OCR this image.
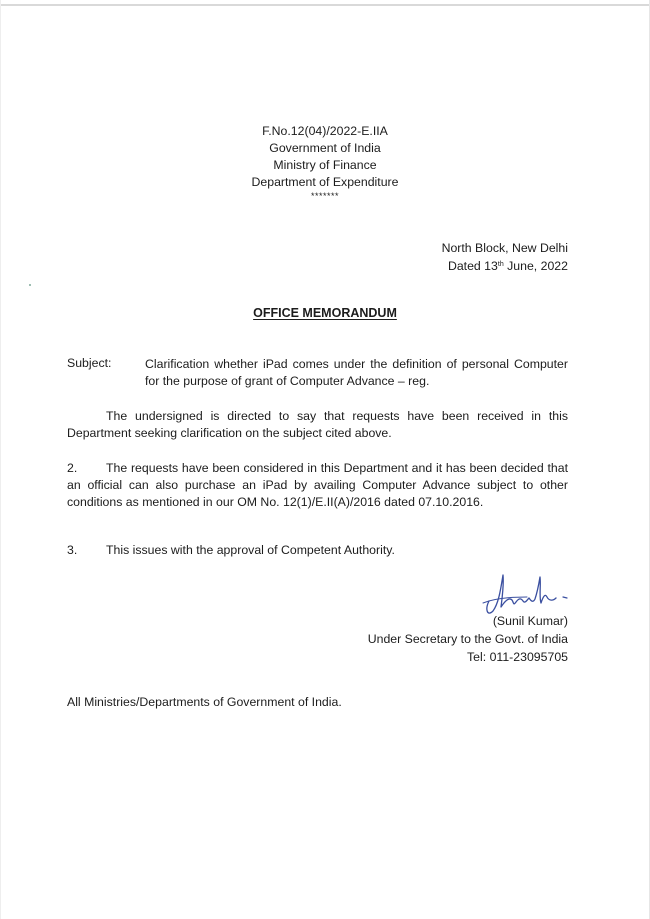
F.No.12(04)/2022-E.IIA
Government of India
Ministry of Finance
Department of Expenditure
*******
North Block, New Delhi
Dated 13th June, 2022
OFFICE MEMORANDUM
Subject:	Clarification whether iPad comes under the definition of personal Computer for the purpose of grant of Computer Advance – reg.
The undersigned is directed to say that requests have been received in this Department seeking clarification on the subject cited above.
2. The requests have been considered in this Department and it has been decided that an official can also purchase an iPad by availing Computer Advance subject to other conditions as mentioned in our OM No. 12(1)/E.II(A)/2016 dated 07.10.2016.
3. This issues with the approval of Competent Authority.
(Sunil Kumar)
Under Secretary to the Govt. of India
Tel: 011-23095705
All Ministries/Departments of Government of India.
